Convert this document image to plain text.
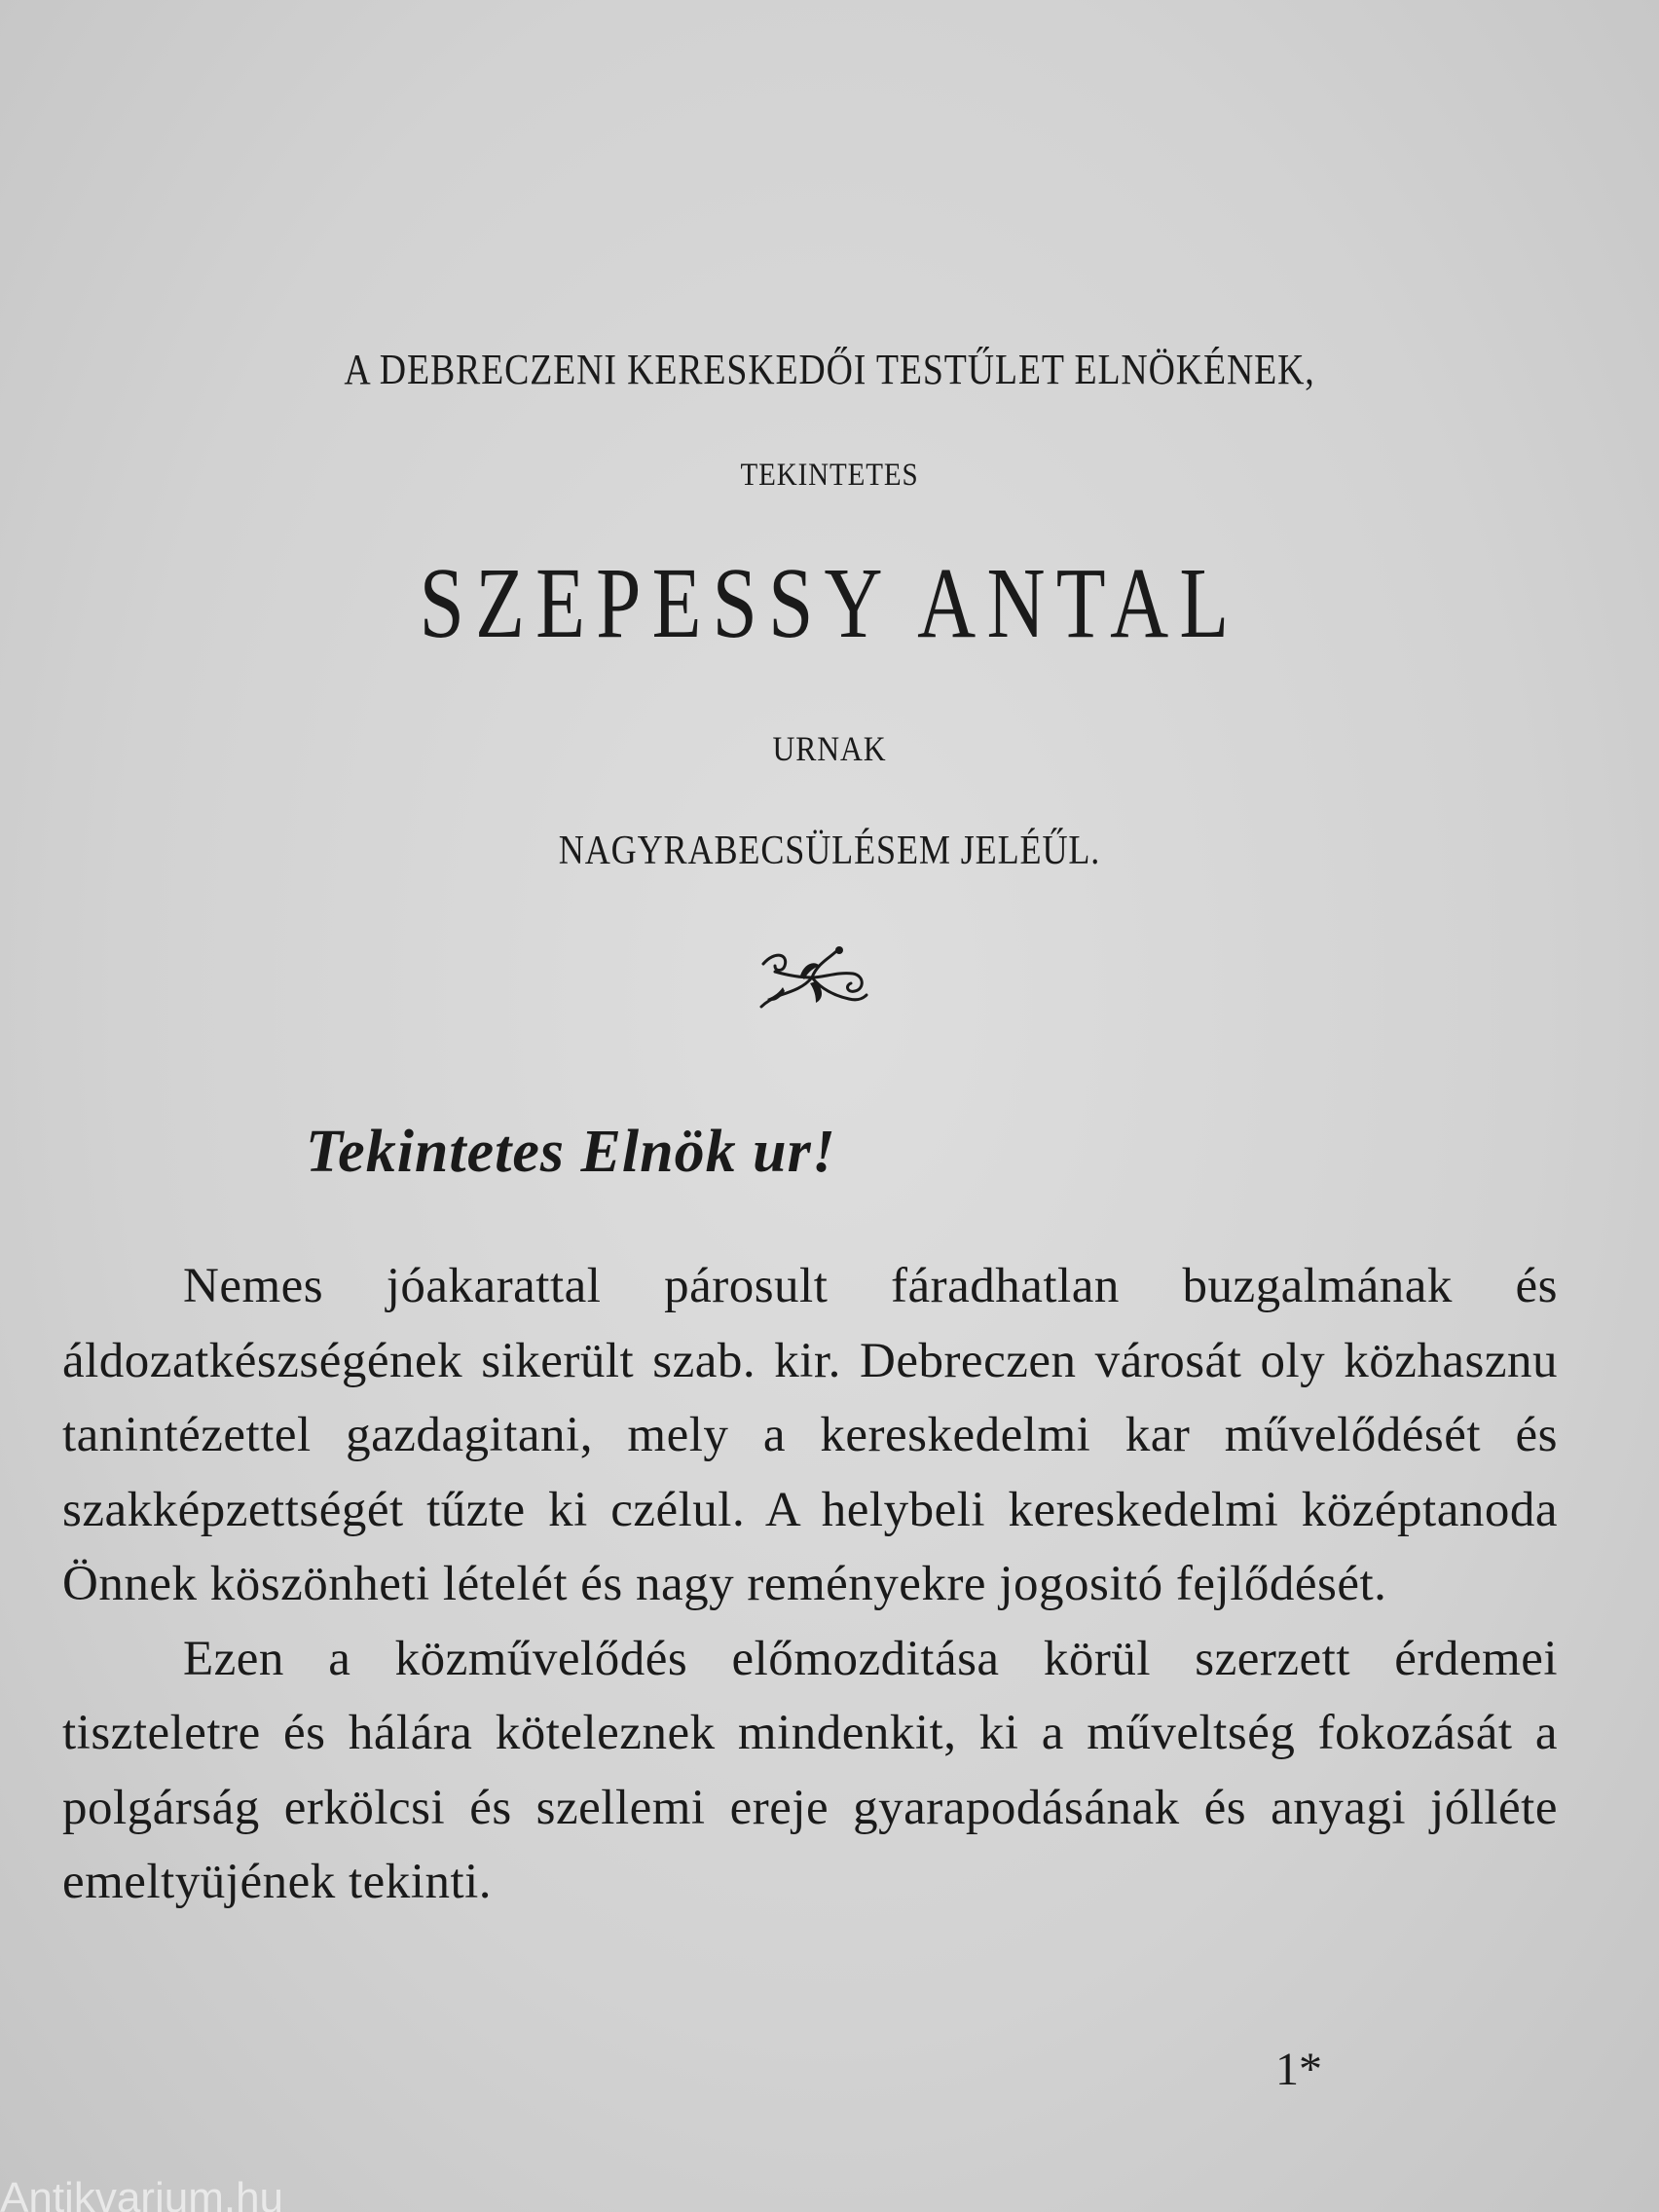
A DEBRECZENI KERESKEDŐI TESTŰLET ELNÖKÉNEK,
TEKINTETES
SZEPESSY ANTAL
URNAK
NAGYRABECSÜLÉSEM JELÉŰL.
Tekintetes Elnök ur!

Nemes jóakarattal párosult fáradhatlan buzgalmának és áldozatkészségének sikerült szab. kir. Debreczen városát oly közhasznu tanintézettel gazdagitani, mely a kereskedelmi kar művelődését és szakképzettségét tűzte ki czélul. A helybeli kereskedelmi középtanoda Önnek köszönheti lételét és nagy reményekre jogositó fejlődését.

Ezen a közművelődés előmozditása körül szerzett érdemei tiszteletre és hálára köteleznek mindenkit, ki a műveltség fokozását a polgárság erkölcsi és szellemi ereje gyarapodásának és anyagi jólléte emeltyüjének tekinti.

1*
Antikvarium.hu
